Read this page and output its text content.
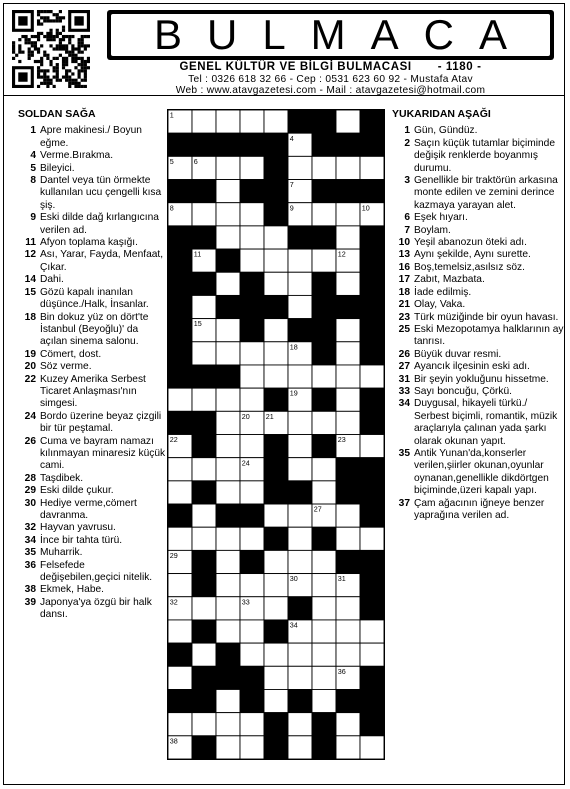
BULMACA
GENEL KÜLTÜR VE BİLGİ BULMACASI - 1180 -
Tel : 0326 618 32 66 - Cep : 0531 623 60 92 - Mustafa Atav
Web : www.atavgazetesi.com - Mail : atavgazetesi@hotmail.com
SOLDAN SAĞA
1 Apre makinesi./ Boyun eğme.
4 Verme.Bırakma.
5 Bileyici.
8 Dantel veya tün örmekte kullanılan ucu çengelli kısa şiş.
9 Eski dilde dağ kırlangıcına verilen ad.
11 Afyon toplama kaşığı.
12 Ası, Yarar, Fayda, Menfaat, Çıkar.
14 Dahi.
15 Gözü kapalı inanılan düşünce./Halk, İnsanlar.
18 Bin dokuz yüz on dört'te İstanbul (Beyoğlu)' da açılan sinema salonu.
19 Cömert, dost.
20 Söz verme.
22 Kuzey Amerika Serbest Ticaret Anlaşması'nın simgesi.
24 Bordo üzerine beyaz çizgili bir tür peştamal.
26 Cuma ve bayram namazı kılınmayan minaresiz küçük cami.
28 Taşdibek.
29 Eski dilde çukur.
30 Hediye verme,cömert davranma.
32 Hayvan yavrusu.
34 İnce bir tahta türü.
35 Muharrik.
36 Felsefede değişebilen,geçici nitelik.
38 Ekmek, Habe.
39 Japonya'ya özgü bir halk dansı.
1	2	3
4
5	6
7
8	9	10
11	12
13
14
15	16
17	18
19
20 21
22	23
24	25
26	27
28
29
30	31
32	33
34
35
36 37
38	39
YUKARIDAN AŞAĞI
1 Gün, Gündüz.
2 Saçın küçük tutamlar biçiminde değişik renklerde boyanmış durumu.
3 Genellikle bir traktörün arkasına monte edilen ve zemini derince kazmaya yarayan alet.
6 Eşek hıyarı.
7 Boylam.
10 Yeşil abanozun öteki adı.
13 Aynı şekilde, Aynı surette.
16 Boş,temelsiz,asılsız söz.
17 Zabıt, Mazbata.
18 İade edilmiş.
21 Olay, Vaka.
23 Türk müziğinde bir oyun havası.
25 Eski Mezopotamya halklarının ay tanrısı.
26 Büyük duvar resmi.
27 Ayancık ilçesinin eski adı.
31 Bir şeyin yokluğunu hissetme.
33 Sayı boncuğu, Çörkü.
34 Duygusal, hikayeli türkü./ Serbest biçimli, romantik, müzik araçlarıyla çalınan yada şarkı olarak okunan yapıt.
35 Antik Yunan'da,konserler verilen,şiirler okunan,oyunlar oynanan,genellikle dikdörtgen biçiminde,üzeri kapalı yapı.
37 Çam ağacının iğneye benzer yaprağına verilen ad.
